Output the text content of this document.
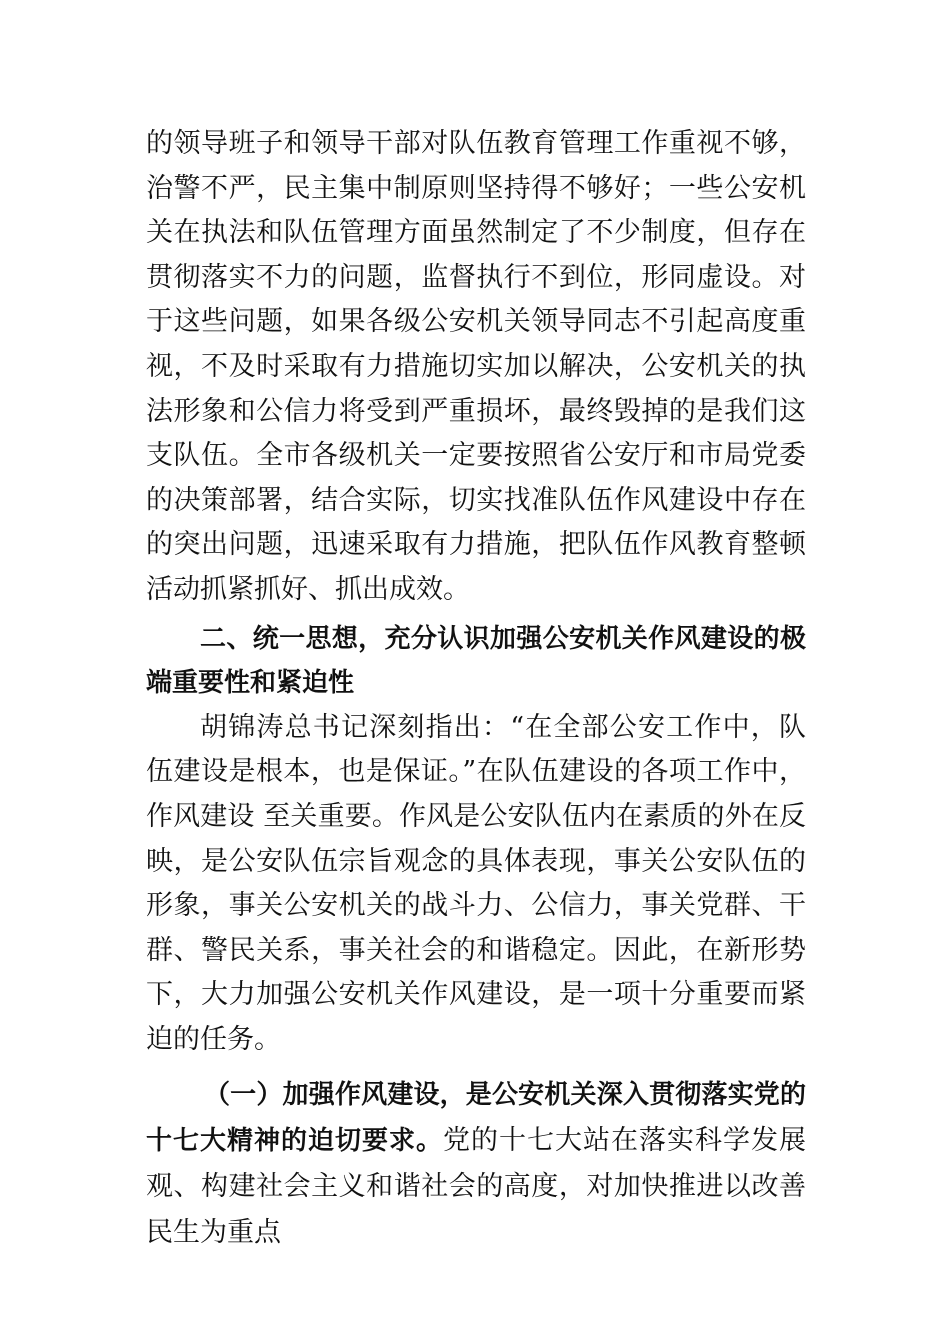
的领导班子和领导干部对队伍教育管理工作重视不够，治警不严，民主集中制原则坚持得不够好；一些公安机关在执法和队伍管理方面虽然制定了不少制度，但存在贯彻落实不力的问题，监督执行不到位，形同虚设。对于这些问题，如果各级公安机关领导同志不引起高度重视，不及时采取有力措施切实加以解决，公安机关的执法形象和公信力将受到严重损坏，最终毁掉的是我们这支队伍。全市各级机关一定要按照省公安厅和市局党委的决策部署，结合实际，切实找准队伍作风建设中存在的突出问题，迅速采取有力措施，把队伍作风教育整顿活动抓紧抓好、抓出成效。

二、统一思想，充分认识加强公安机关作风建设的极端重要性和紧迫性

胡锦涛总书记深刻指出：“在全部公安工作中，队伍建设是根本，也是保证。”在队伍建设的各项工作中，作风建设 至关重要。作风是公安队伍内在素质的外在反映，是公安队伍宗旨观念的具体表现，事关公安队伍的形象，事关公安机关的战斗力、公信力，事关党群、干群、警民关系，事关社会的和谐稳定。因此，在新形势下，大力加强公安机关作风建设，是一项十分重要而紧迫的任务。

（一）加强作风建设，是公安机关深入贯彻落实党的十七大精神的迫切要求。党的十七大站在落实科学发展观、构建社会主义和谐社会的高度，对加快推进以改善民生为重点
